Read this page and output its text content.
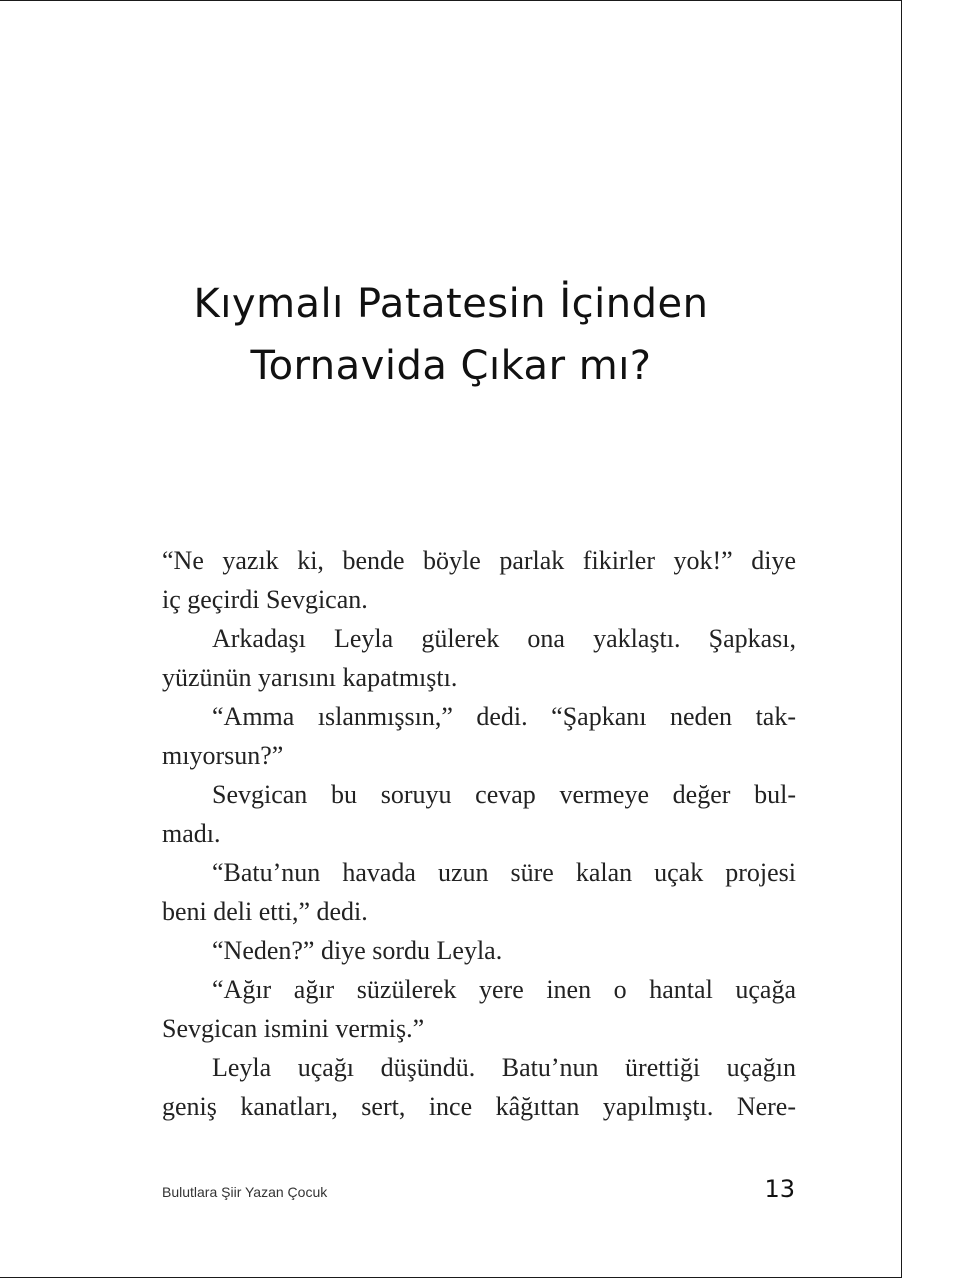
Kıymalı Patatesin İçinden
Tornavida Çıkar mı?
“Ne yazık ki, bende böyle parlak fikirler yok!” diye
iç geçirdi Sevgican.
Arkadaşı Leyla gülerek ona yaklaştı. Şapkası,
yüzünün yarısını kapatmıştı.
“Amma ıslanmışsın,” dedi. “Şapkanı neden tak-
mıyorsun?”
Sevgican bu soruyu cevap vermeye değer bul-
madı.
“Batu’nun havada uzun süre kalan uçak projesi
beni deli etti,” dedi.
“Neden?” diye sordu Leyla.
“Ağır ağır süzülerek yere inen o hantal uçağa
Sevgican ismini vermiş.”
Leyla uçağı düşündü. Batu’nun ürettiği uçağın
geniş kanatları, sert, ince kâğıttan yapılmıştı. Nere-
Bulutlara Şiir Yazan Çocuk	13
